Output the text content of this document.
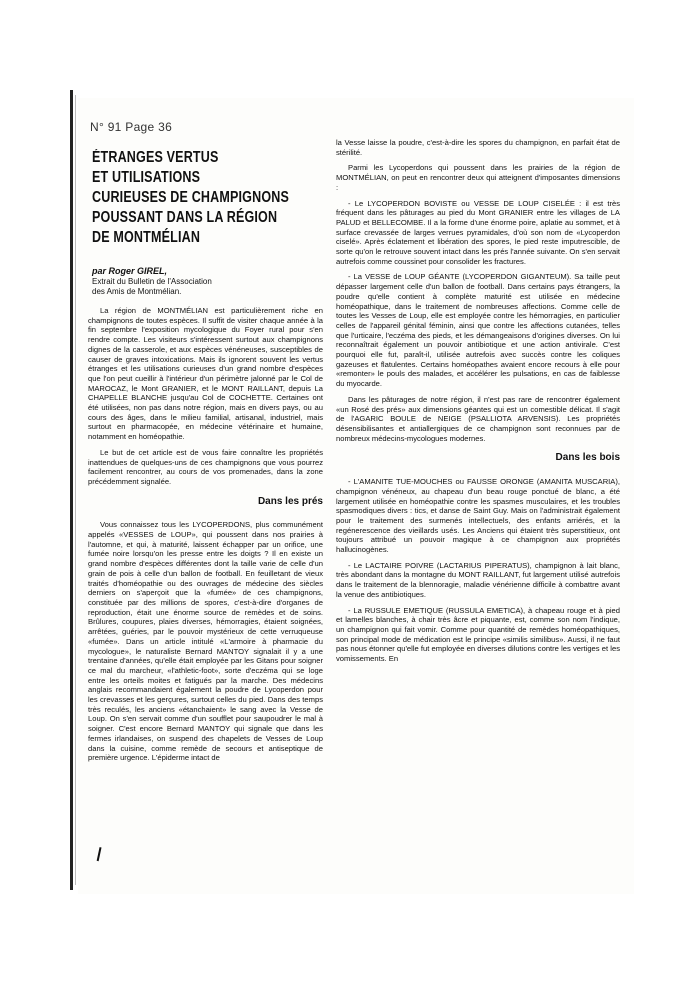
N° 91 Page 36
ÉTRANGES VERTUS
ET UTILISATIONS
CURIEUSES DE CHAMPIGNONS
POUSSANT DANS LA RÉGION
DE MONTMÉLIAN
par Roger GIREL,
Extrait du Bulletin de l'Association
des Amis de Montmélian.

La région de MONTMÉLIAN est particulièrement riche en champignons de toutes espèces. Il suffit de visiter chaque année à la fin septembre l'exposition mycologique du Foyer rural pour s'en rendre compte. Les visiteurs s'intéressent surtout aux champignons dignes de la casserole, et aux espèces vénéneuses, susceptibles de causer de graves intoxications. Mais ils ignorent souvent les vertus étranges et les utilisations curieuses d'un grand nombre d'espèces que l'on peut cueillir à l'intérieur d'un périmètre jalonné par le Col de MAROCAZ, le Mont GRANIER, et le MONT RAILLANT, depuis La CHAPELLE BLANCHE jusqu'au Col de COCHETTE. Certaines ont été utilisées, non pas dans notre région, mais en divers pays, ou au cours des âges, dans le milieu familial, artisanal, industriel, mais surtout en pharmacopée, en médecine vétérinaire et humaine, notamment en homéopathie.

Le but de cet article est de vous faire connaître les propriétés inattendues de quelques-uns de ces champignons que vous pourrez facilement rencontrer, au cours de vos promenades, dans la zone précédemment signalée.

Dans les prés

Vous connaissez tous les LYCOPERDONS, plus communément appelés «VESSES de LOUP», qui poussent dans nos prairies à l'automne, et qui, à maturité, laissent échapper par un orifice, une fumée noire lorsqu'on les presse entre les doigts ? Il en existe un grand nombre d'espèces différentes dont la taille varie de celle d'un grain de pois à celle d'un ballon de football. En feuilletant de vieux traités d'homéopathie ou des ouvrages de médecine des siècles derniers on s'aperçoit que la «fumée» de ces champignons, constituée par des millions de spores, c'est-à-dire d'organes de reproduction, était une énorme source de remèdes et de soins. Brûlures, coupures, plaies diverses, hémorragies, étaient soignées, arrêtées, guéries, par le pouvoir mystérieux de cette verruqueuse «fumée». Dans un article intitulé «L'armoire à pharmacie du mycologue», le naturaliste Bernard MANTOY signalait il y a une trentaine d'années, qu'elle était employée par les Gitans pour soigner ce mal du marcheur, «l'athletic-foot», sorte d'eczéma qui se loge entre les orteils moites et fatigués par la marche. Des médecins anglais recommandaient également la poudre de Lycoperdon pour les crevasses et les gerçures, surtout celles du pied. Dans des temps très reculés, les anciens «étanchaient» le sang avec la Vesse de Loup. On s'en servait comme d'un soufflet pour saupoudrer le mal à soigner. C'est encore Bernard MANTOY qui signale que dans les fermes irlandaises, on suspend des chapelets de Vesses de Loup dans la cuisine, comme remède de secours et antiseptique de première urgence. L'épiderme intact de

la Vesse laisse la poudre, c'est-à-dire les spores du champignon, en parfait état de stérilité.

Parmi les Lycoperdons qui poussent dans les prairies de la région de MONTMÉLIAN, on peut en rencontrer deux qui atteignent d'imposantes dimensions :

- Le LYCOPERDON BOVISTE ou VESSE DE LOUP CISELÉE : il est très fréquent dans les pâturages au pied du Mont GRANIER entre les villages de LA PALUD et BELLECOMBE. Il a la forme d'une énorme poire, aplatie au sommet, et à surface crevassée de larges verrues pyramidales, d'où son nom de «Lycoperdon ciselé». Après éclatement et libération des spores, le pied reste imputrescible, de sorte qu'on le retrouve souvent intact dans les prés l'année suivante. On s'en servait autrefois comme coussinet pour consolider les fractures.

- La VESSE de LOUP GÉANTE (LYCOPERDON GIGANTEUM). Sa taille peut dépasser largement celle d'un ballon de football. Dans certains pays étrangers, la poudre qu'elle contient à complète maturité est utilisée en médecine homéopathique, dans le traitement de nombreuses affections. Comme celle de toutes les Vesses de Loup, elle est employée contre les hémorragies, en particulier celles de l'appareil génital féminin, ainsi que contre les affections cutanées, telles que l'urticaire, l'eczéma des pieds, et les démangeaisons d'origines diverses. On lui reconnaîtrait également un pouvoir antibiotique et une action antivirale. C'est pourquoi elle fut, paraît-il, utilisée autrefois avec succès contre les coliques gazeuses et flatulentes. Certains homéopathes avaient encore recours à elle pour «remonter» le pouls des malades, et accélérer les pulsations, en cas de faiblesse du myocarde.

Dans les pâturages de notre région, il n'est pas rare de rencontrer également «un Rosé des prés» aux dimensions géantes qui est un comestible délicat. Il s'agit de l'AGARIC BOULE de NEIGE (PSALLIOTA ARVENSIS). Les propriétés désensibilisantes et antiallergiques de ce champignon sont reconnues par de nombreux médecins-mycologues modernes.

Dans les bois

- L'AMANITE TUE-MOUCHES ou FAUSSE ORONGE (AMANITA MUSCARIA), champignon vénéneux, au chapeau d'un beau rouge ponctué de blanc, a été largement utilisée en homéopathie contre les spasmes musculaires, et les troubles spasmodiques divers : tics, et danse de Saint Guy. Mais on l'administrait également pour le traitement des surmenés intellectuels, des enfants arriérés, et la regénerescence des vieillards usés. Les Anciens qui étaient très superstitieux, ont toujours attribué un pouvoir magique à ce champignon aux propriétés hallucinogènes.

- Le LACTAIRE POIVRE (LACTARIUS PIPERATUS), champignon à lait blanc, très abondant dans la montagne du MONT RAILLANT, fut largement utilisé autrefois dans le traitement de la blennoragie, maladie vénérienne difficile à combattre avant la venue des antibiotiques.

- La RUSSULE EMETIQUE (RUSSULA EMETICA), à chapeau rouge et à pied et lamelles blanches, à chair très âcre et piquante, est, comme son nom l'indique, un champignon qui fait vomir. Comme pour quantité de remèdes homéopathiques, son principal mode de médication est le principe «similis similibus». Aussi, il ne faut pas nous étonner qu'elle fut employée en diverses dilutions contre les vertiges et les vomissements. En
